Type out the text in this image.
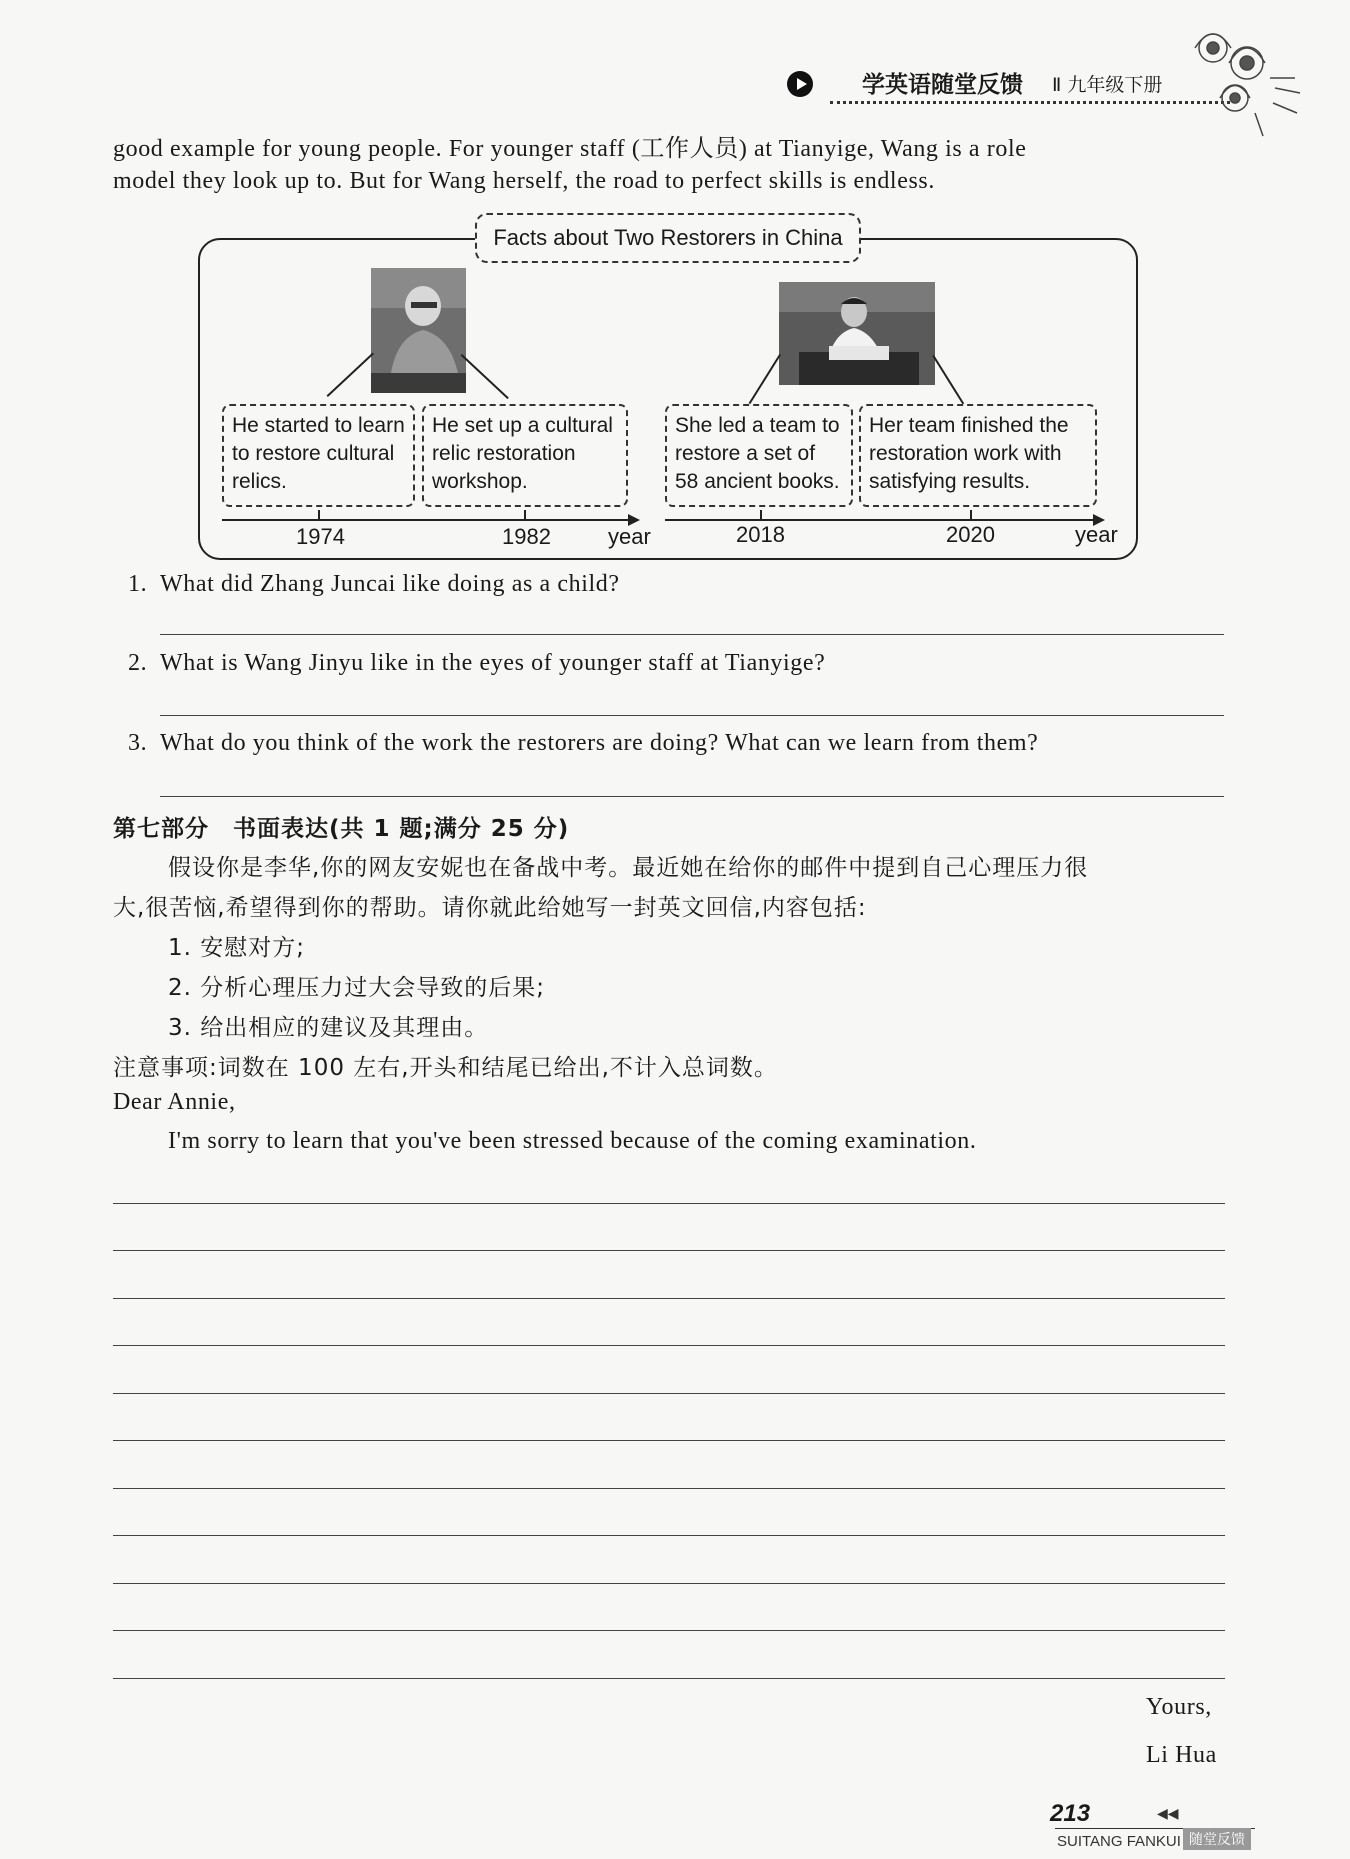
学英语随堂反馈 Ⅱ 九年级下册
good example for young people. For younger staff (工作人员) at Tianyige, Wang is a role
model they look up to. But for Wang herself, the road to perfect skills is endless.
Facts about Two Restorers in China
He started to learn to restore cultural relics.
He set up a cultural relic restoration workshop.
She led a team to restore a set of 58 ancient books.
Her team finished the restoration work with satisfying results.
1974	1982	year	2018	2020	year
1. What did Zhang Juncai like doing as a child?
2. What is Wang Jinyu like in the eyes of younger staff at Tianyige?
3. What do you think of the work the restorers are doing? What can we learn from them?
第七部分　书面表达(共 1 题;满分 25 分)
假设你是李华,你的网友安妮也在备战中考。最近她在给你的邮件中提到自己心理压力很
大,很苦恼,希望得到你的帮助。请你就此给她写一封英文回信,内容包括:
1. 安慰对方;
2. 分析心理压力过大会导致的后果;
3. 给出相应的建议及其理由。
注意事项:词数在 100 左右,开头和结尾已给出,不计入总词数。
Dear Annie,
I'm sorry to learn that you've been stressed because of the coming examination.
Yours,
Li Hua
213	◀◀
SUITANG FANKUI 随堂反馈
